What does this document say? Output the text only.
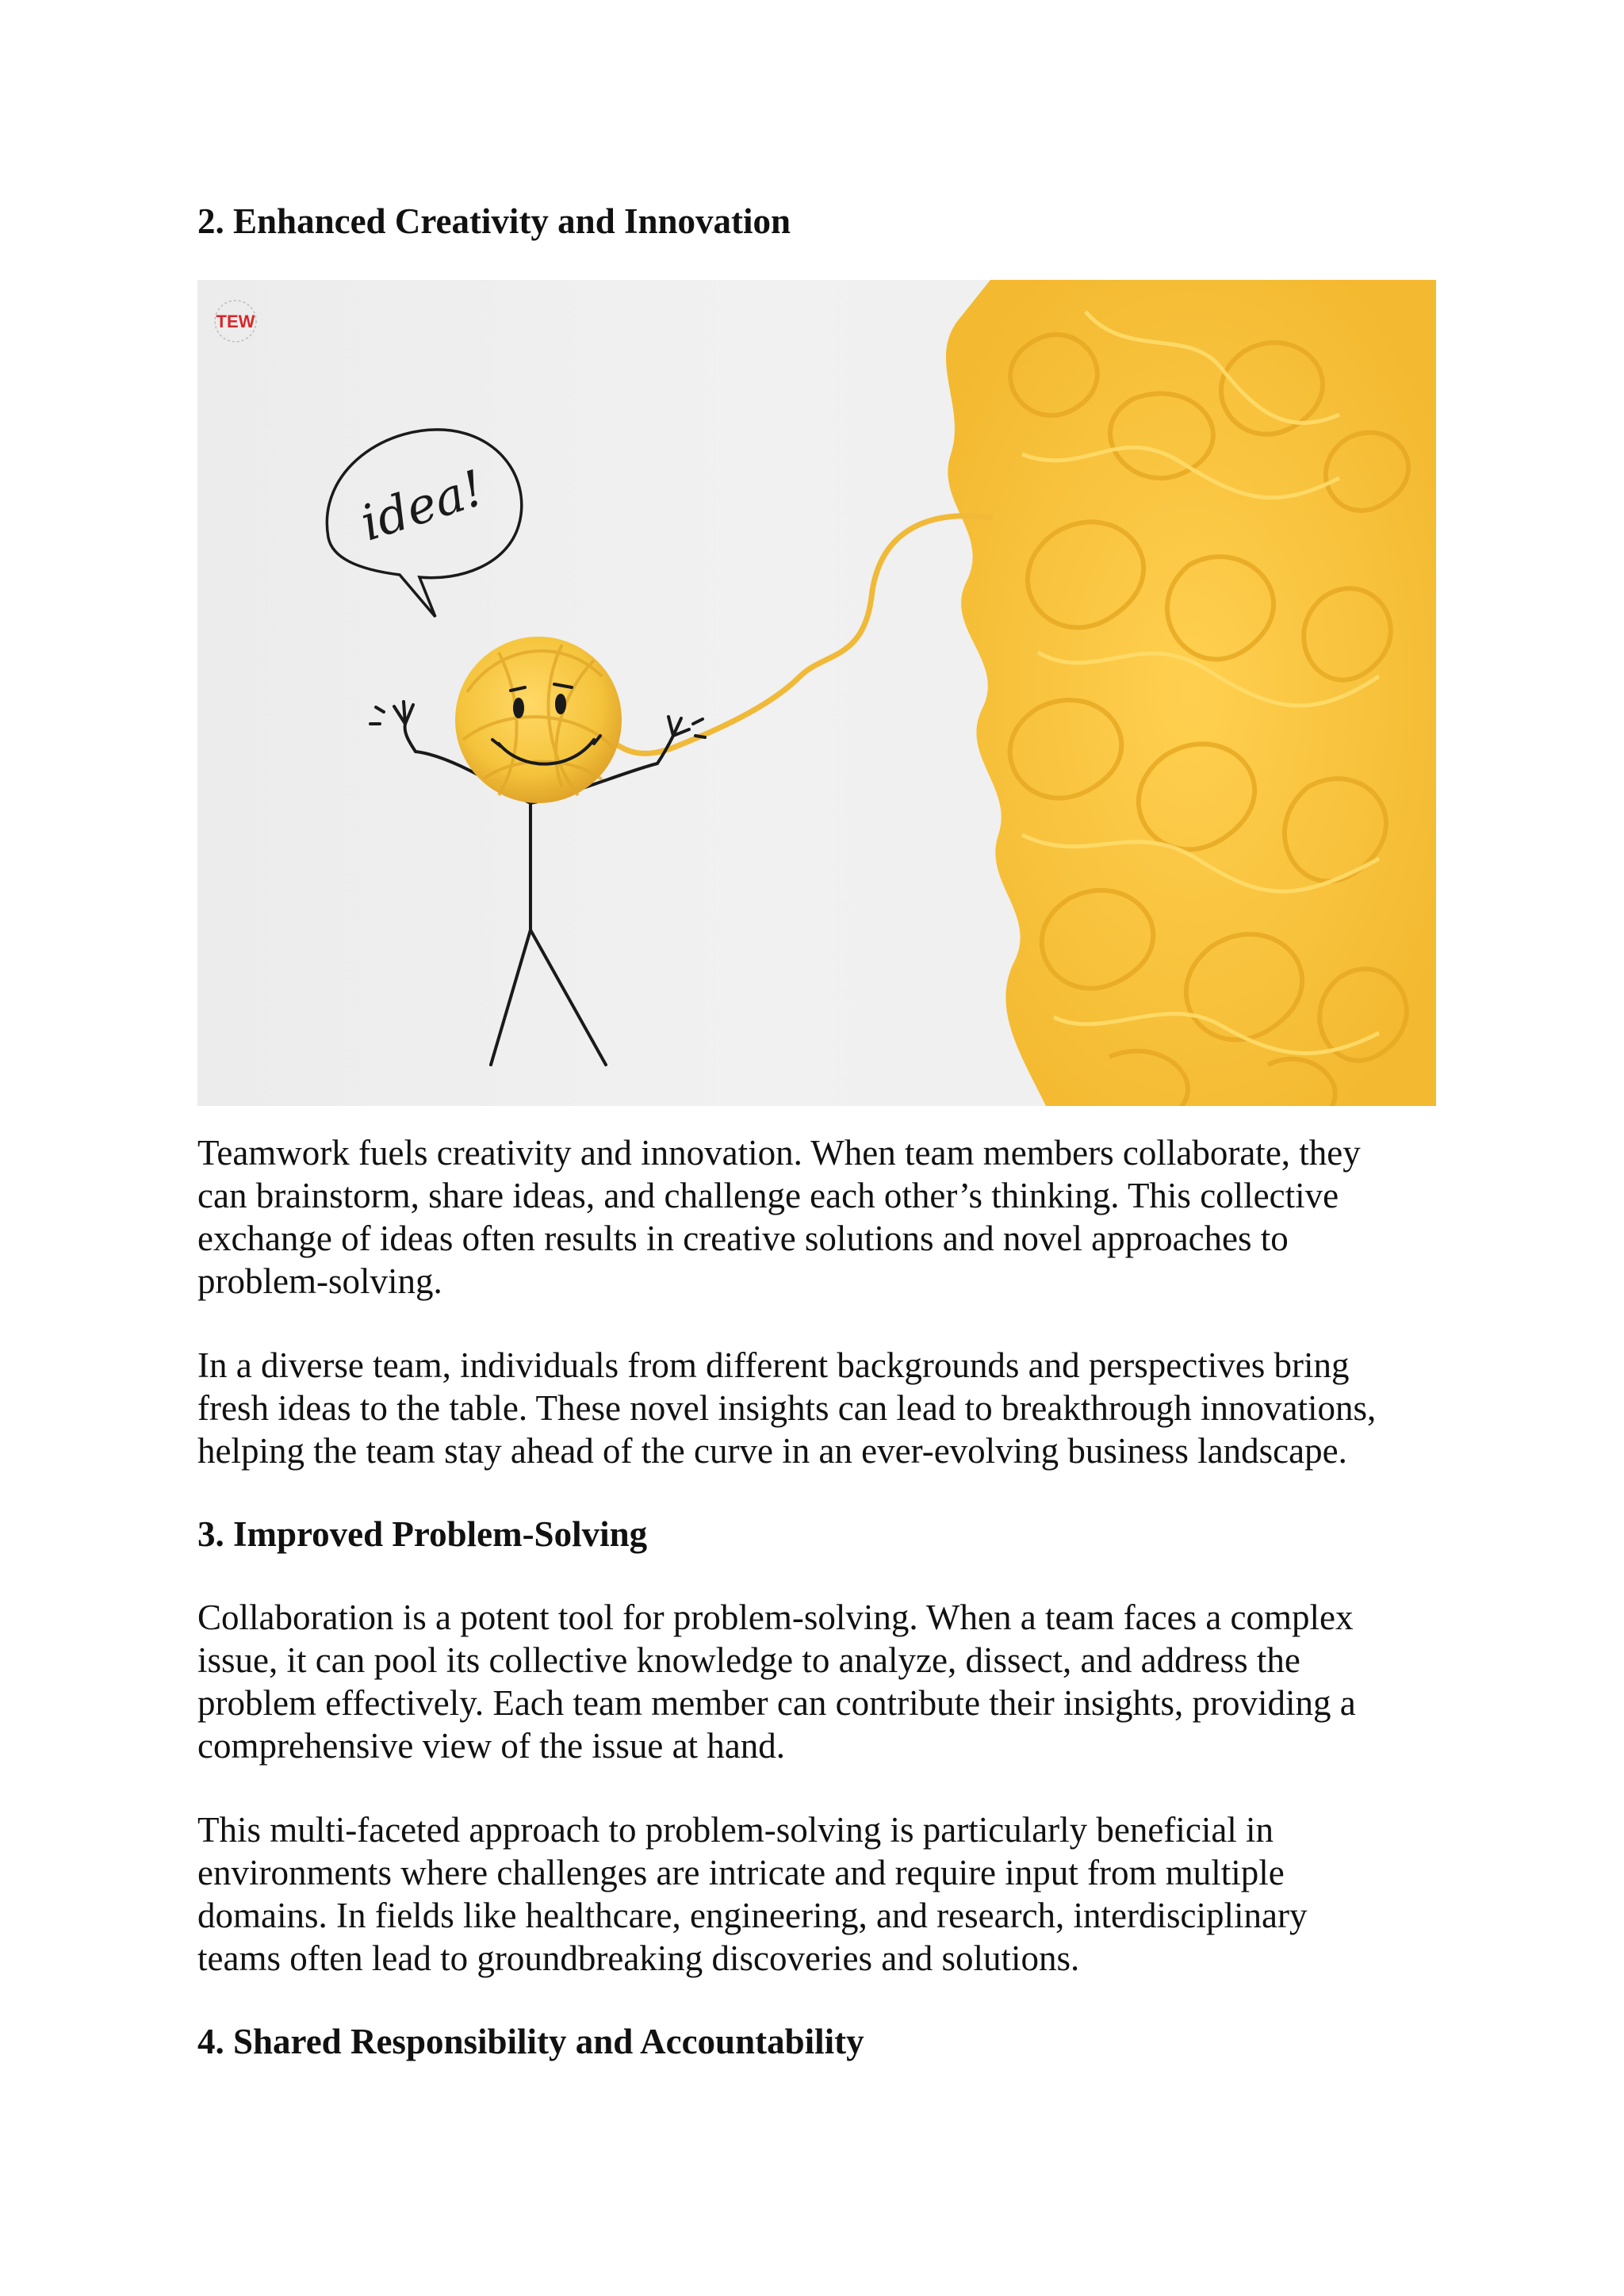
2. Enhanced Creativity and Innovation
TEW
idea!

Teamwork fuels creativity and innovation. When team members collaborate, they
can brainstorm, share ideas, and challenge each other’s thinking. This collective
exchange of ideas often results in creative solutions and novel approaches to
problem-solving.

In a diverse team, individuals from different backgrounds and perspectives bring
fresh ideas to the table. These novel insights can lead to breakthrough innovations,
helping the team stay ahead of the curve in an ever-evolving business landscape.

3. Improved Problem-Solving

Collaboration is a potent tool for problem-solving. When a team faces a complex
issue, it can pool its collective knowledge to analyze, dissect, and address the
problem effectively. Each team member can contribute their insights, providing a
comprehensive view of the issue at hand.

This multi-faceted approach to problem-solving is particularly beneficial in
environments where challenges are intricate and require input from multiple
domains. In fields like healthcare, engineering, and research, interdisciplinary
teams often lead to groundbreaking discoveries and solutions.

4. Shared Responsibility and Accountability
